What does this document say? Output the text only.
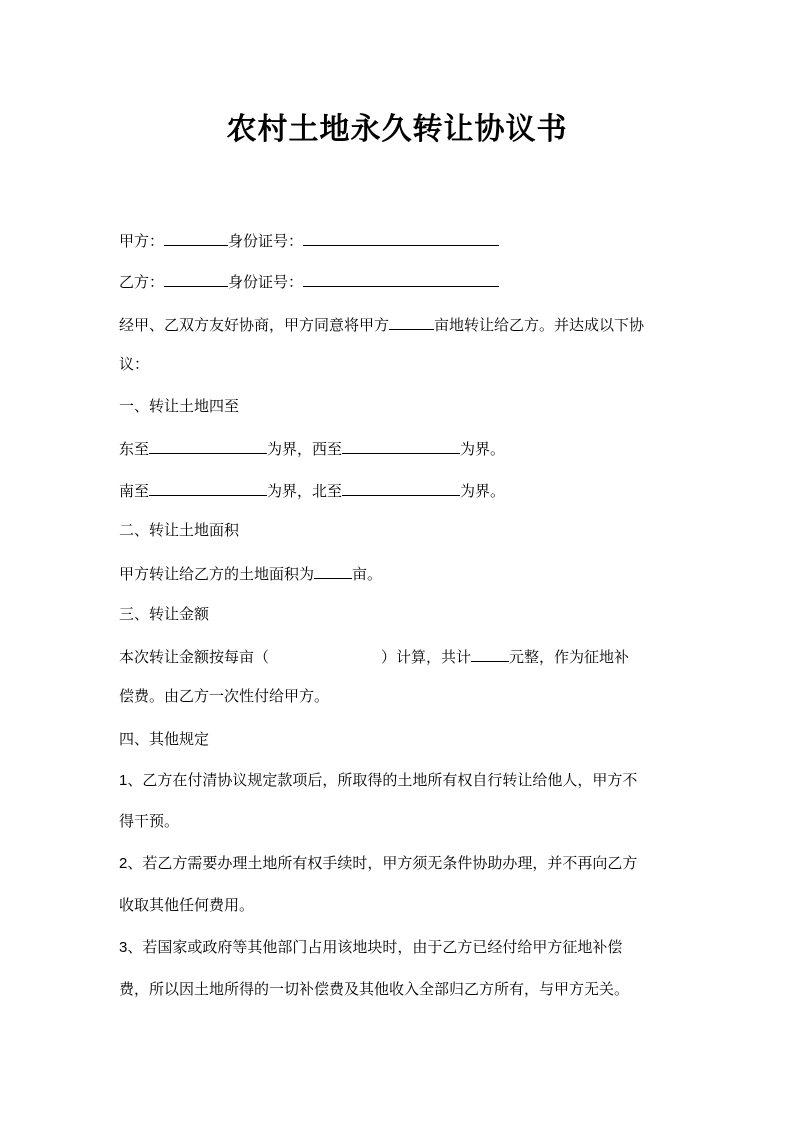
农村土地永久转让协议书
甲方：	身份证号：
乙方：	身份证号：
经甲、乙双方友好协商，甲方同意将甲方	亩地转让给乙方。并达成以下协
议：
一、转让土地四至
东至	为界，西至	为界。
南至	为界，北至	为界。
二、转让土地面积
甲方转让给乙方的土地面积为	亩。
三、转让金额
本次转让金额按每亩（	）计算，共计	元整，作为征地补
偿费。由乙方一次性付给甲方。
四、其他规定
1、乙方在付清协议规定款项后，所取得的土地所有权自行转让给他人，甲方不
得干预。
2、若乙方需要办理土地所有权手续时，甲方须无条件协助办理，并不再向乙方
收取其他任何费用。
3、若国家或政府等其他部门占用该地块时，由于乙方已经付给甲方征地补偿
费，所以因土地所得的一切补偿费及其他收入全部归乙方所有，与甲方无关。
